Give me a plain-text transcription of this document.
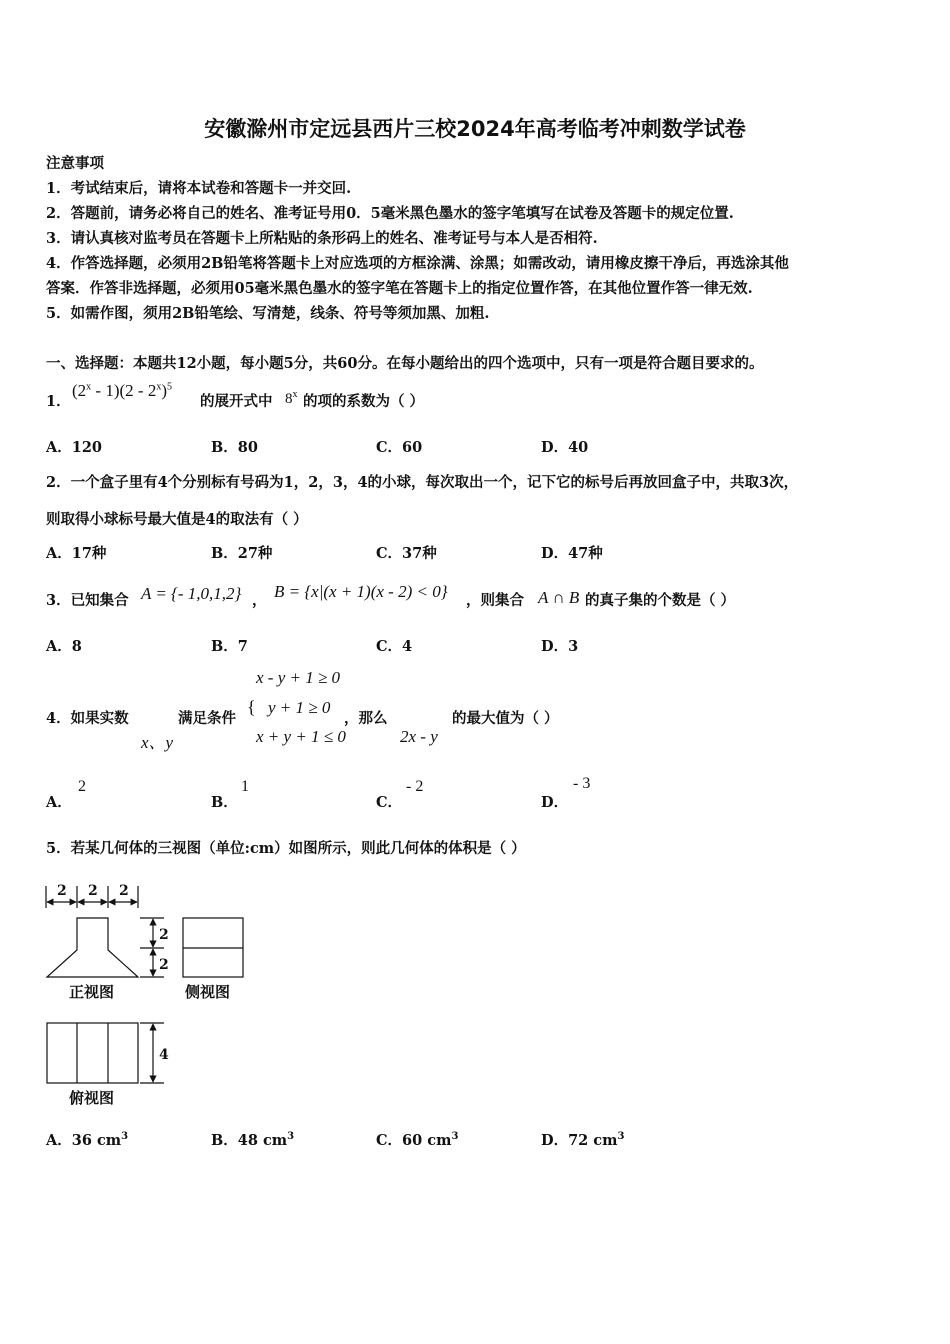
安徽滁州市定远县西片三校2024年高考临考冲刺数学试卷
注意事项
1．考试结束后，请将本试卷和答题卡一并交回.
2．答题前，请务必将自己的姓名、准考证号用0．5毫米黑色墨水的签字笔填写在试卷及答题卡的规定位置.
3．请认真核对监考员在答题卡上所粘贴的条形码上的姓名、准考证号与本人是否相符.
4．作答选择题，必须用2B铅笔将答题卡上对应选项的方框涂满、涂黑；如需改动，请用橡皮擦干净后，再选涂其他
答案．作答非选择题，必须用05毫米黑色墨水的签字笔在答题卡上的指定位置作答，在其他位置作答一律无效.
5．如需作图，须用2B铅笔绘、写清楚，线条、符号等须加黑、加粗.
一、选择题：本题共12小题，每小题5分，共60分。在每小题给出的四个选项中，只有一项是符合题目要求的。
1．
(2$^x$ - 1)(2 - 2$^x$)$^5$
的展开式中 8$^x$ 的项的系数为（ ）
A．120	B．80	C．60	D．40
2．一个盒子里有4个分别标有号码为1，2，3，4的小球，每次取出一个，记下它的标号后再放回盒子中，共取3次，
则取得小球标号最大值是4的取法有（ ）
A．17种	B．27种	C．37种	D．47种
3．已知集合 A = {- 1,0,1,2} ， B = {x|(x + 1)(x - 2) < 0} ，则集合 A ∩ B 的真子集的个数是（ ）
A．8	B．7	C．4	D．3
x - y + 1 ≥ 0
4．如果实数	满足条件
{ y + 1 ≥ 0
，那么	的最大值为（ ）
x、y	x + y + 1 ≤ 0	2x - y
A．
2
B．
1
C．
- 2
D．
- 3
5．若某几何体的三视图（单位:cm）如图所示，则此几何体的体积是（ ）
2 2 2
2
2
4
正视图	侧视图
俯视图
A．36 $cm^3$	B．48 $cm^3$	C．60 $cm^3$	D．72 $cm^3$
